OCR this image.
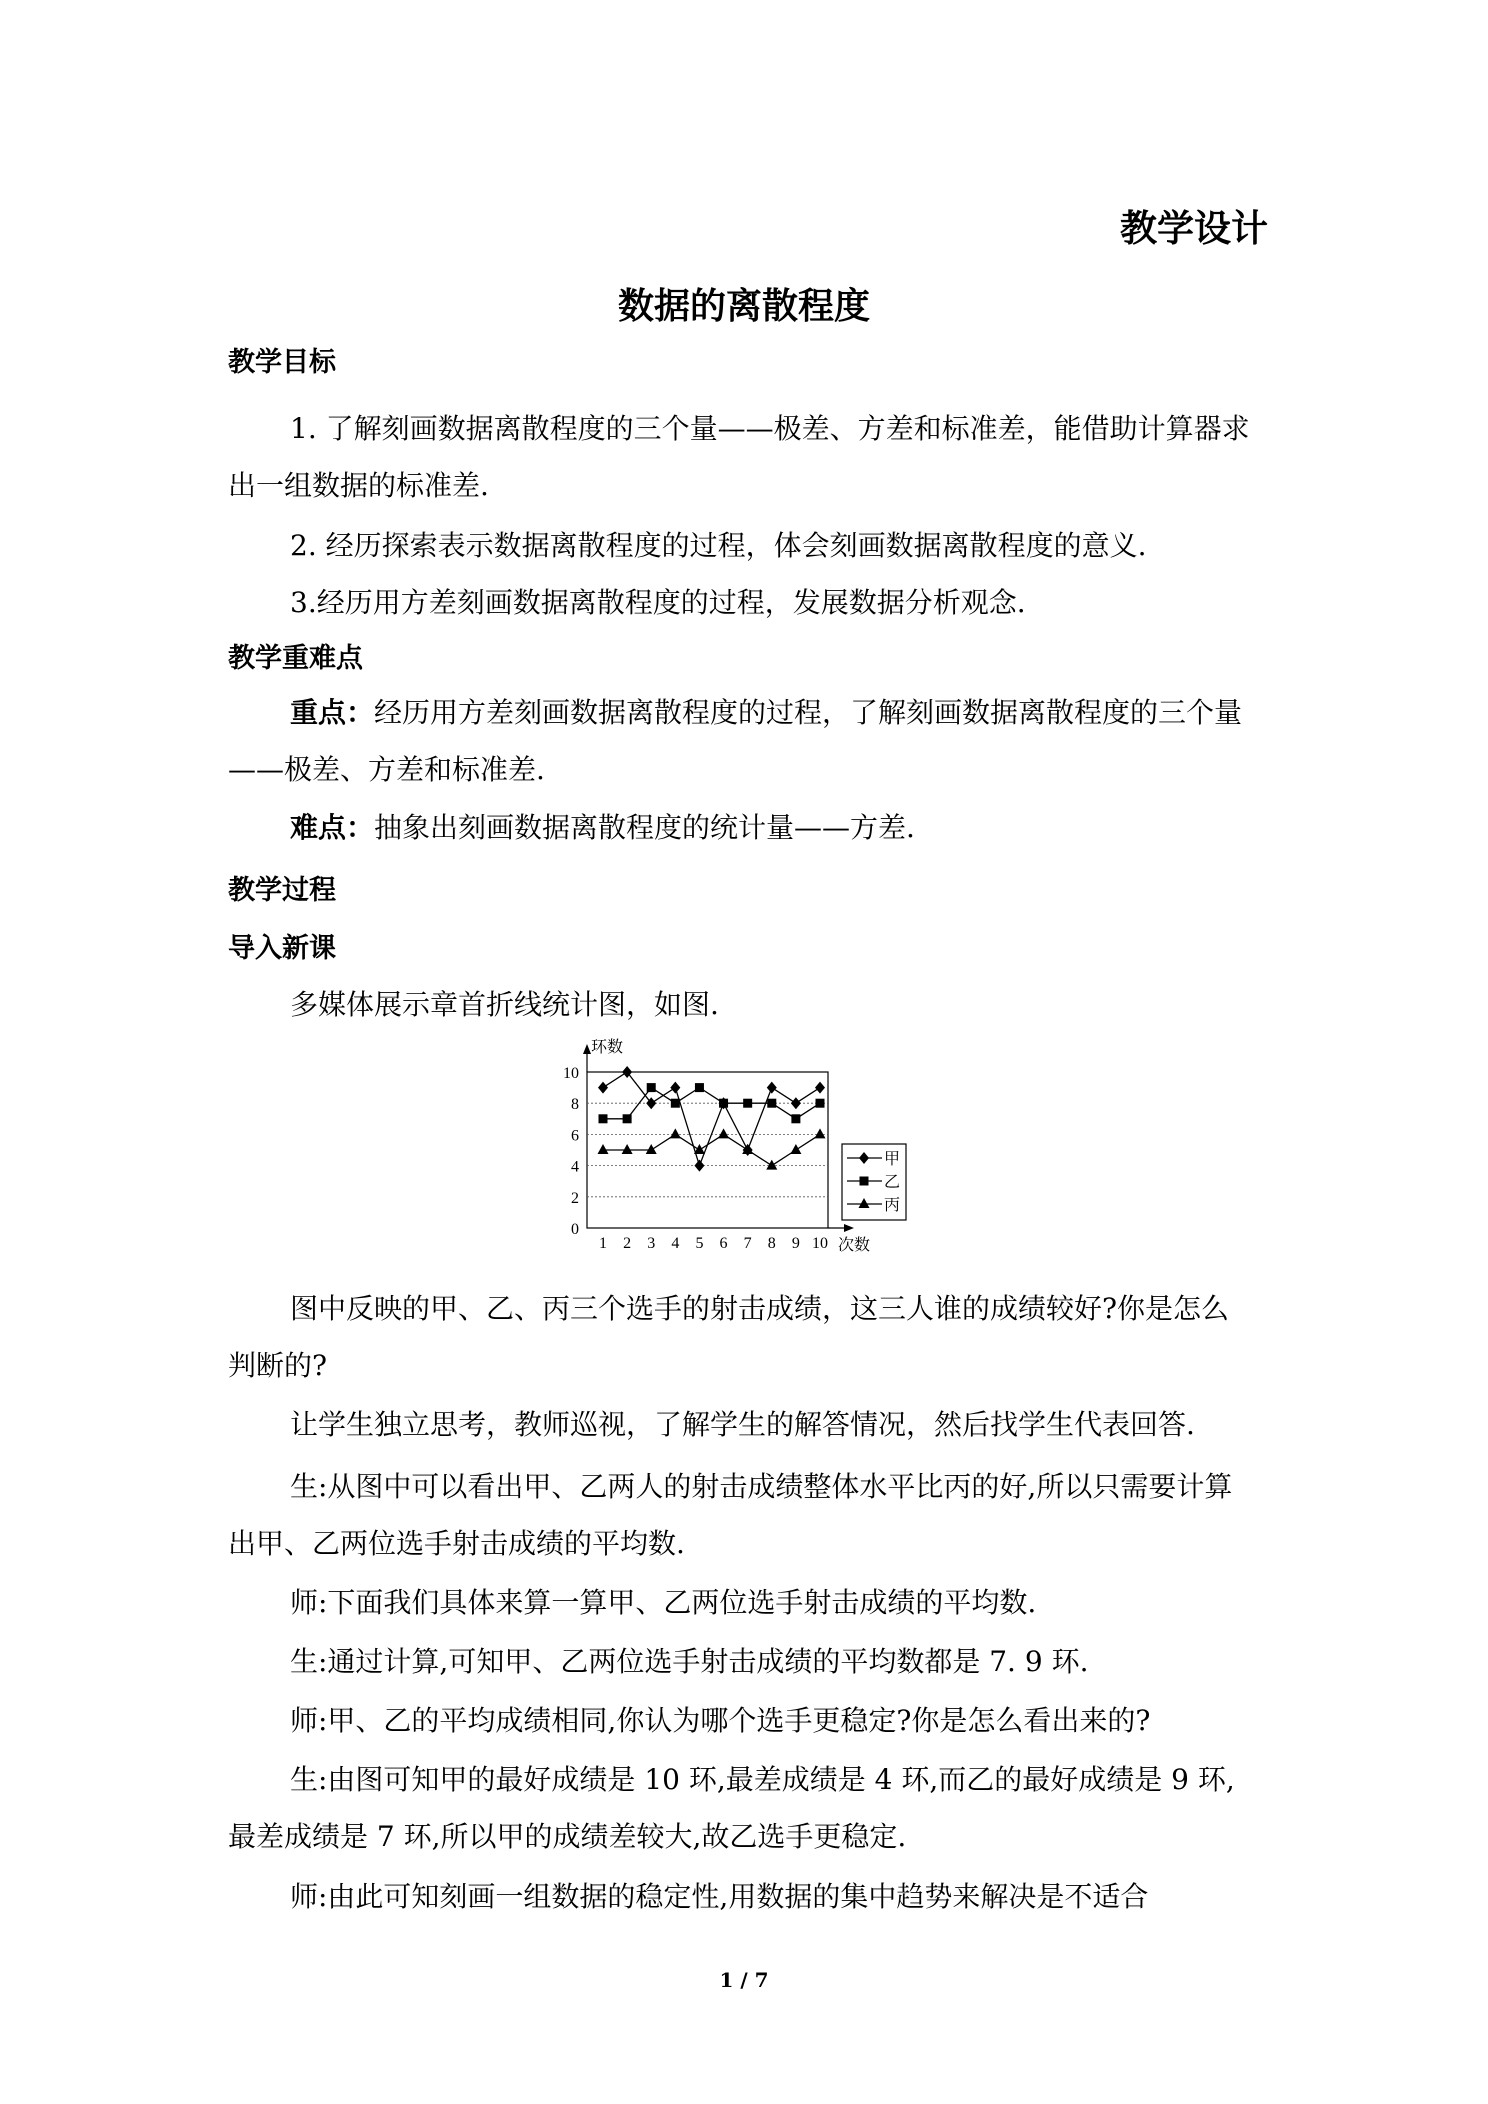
教学设计
数据的离散程度
教学目标

1. 了解刻画数据离散程度的三个量——极差、方差和标准差，能借助计算器求出一组数据的标准差.

2. 经历探索表示数据离散程度的过程，体会刻画数据离散程度的意义.

3.经历用方差刻画数据离散程度的过程，发展数据分析观念.

教学重难点

重点：经历用方差刻画数据离散程度的过程，了解刻画数据离散程度的三个量——极差、方差和标准差.

难点：抽象出刻画数据离散程度的统计量——方差.

教学过程
导入新课

多媒体展示章首折线统计图，如图.

0
2
4
6
8
10
1 2 3 4 5 6 7 8 9 10
环数
次数
甲
乙
丙

图中反映的甲、乙、丙三个选手的射击成绩，这三人谁的成绩较好?你是怎么判断的?

让学生独立思考，教师巡视，了解学生的解答情况，然后找学生代表回答.

生:从图中可以看出甲、乙两人的射击成绩整体水平比丙的好,所以只需要计算出甲、乙两位选手射击成绩的平均数.

师:下面我们具体来算一算甲、乙两位选手射击成绩的平均数.

生:通过计算,可知甲、乙两位选手射击成绩的平均数都是 7. 9 环.

师:甲、乙的平均成绩相同,你认为哪个选手更稳定?你是怎么看出来的?

生:由图可知甲的最好成绩是 10 环,最差成绩是 4 环,而乙的最好成绩是 9 环,最差成绩是 7 环,所以甲的成绩差较大,故乙选手更稳定.

师:由此可知刻画一组数据的稳定性,用数据的集中趋势来解决是不适合

1 / 7
